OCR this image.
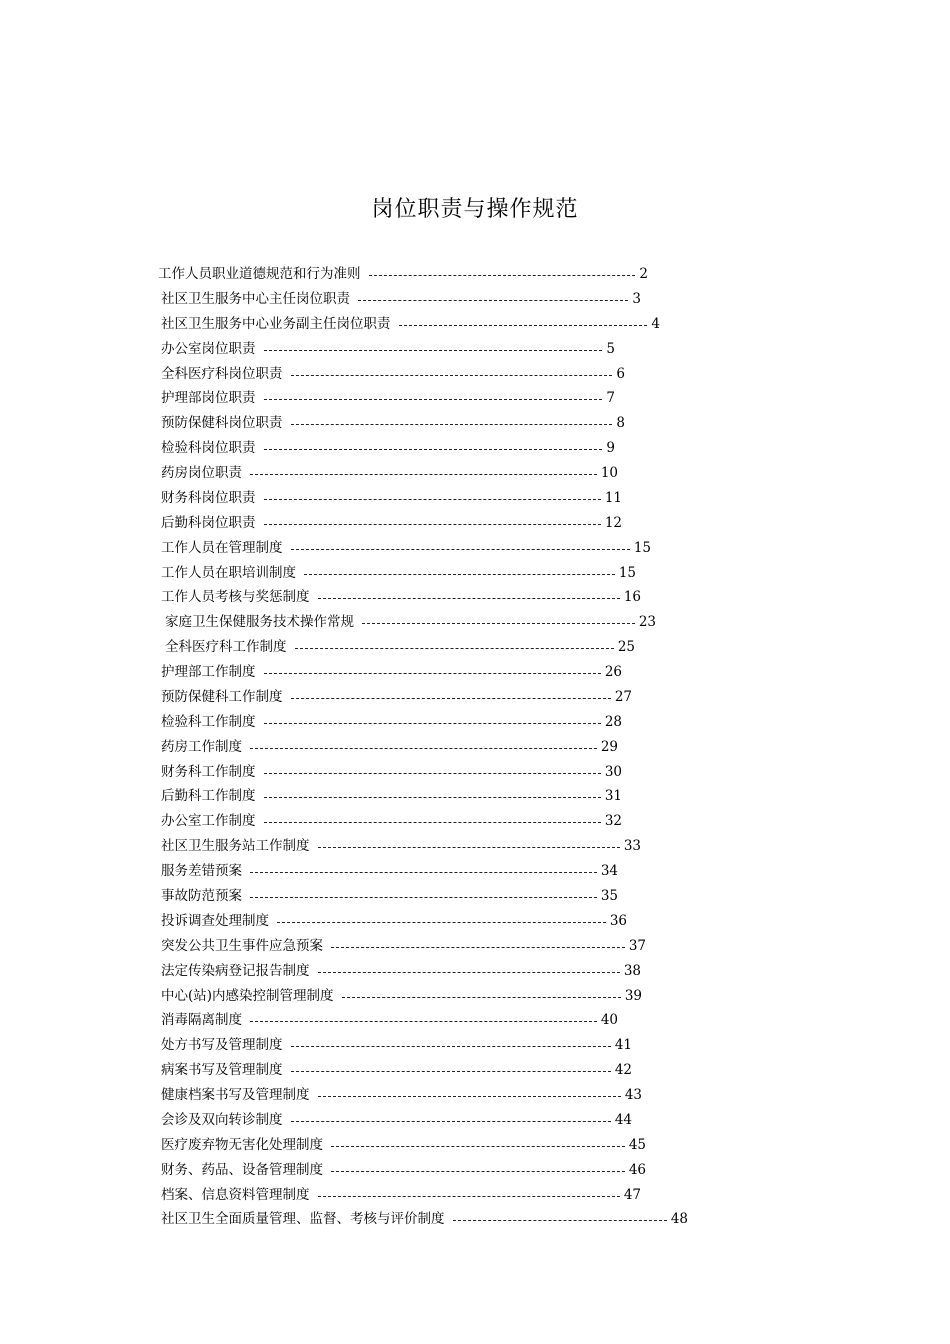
岗位职责与操作规范
工作人员职业道德规范和行为准则	2
社区卫生服务中心主任岗位职责	3
社区卫生服务中心业务副主任岗位职责	4
办公室岗位职责	5
全科医疗科岗位职责	6
护理部岗位职责	7
预防保健科岗位职责	8
检验科岗位职责	9
药房岗位职责	10
财务科岗位职责	11
后勤科岗位职责	12
工作人员在管理制度	15
工作人员在职培训制度	15
工作人员考核与奖惩制度	16
家庭卫生保健服务技术操作常规	23
全科医疗科工作制度	25
护理部工作制度	26
预防保健科工作制度	27
检验科工作制度	28
药房工作制度	29
财务科工作制度	30
后勤科工作制度	31
办公室工作制度	32
社区卫生服务站工作制度	33
服务差错预案	34
事故防范预案	35
投诉调查处理制度	36
突发公共卫生事件应急预案	37
法定传染病登记报告制度	38
中心(站)内感染控制管理制度	39
消毒隔离制度	40
处方书写及管理制度	41
病案书写及管理制度	42
健康档案书写及管理制度	43
会诊及双向转诊制度	44
医疗废弃物无害化处理制度	45
财务、药品、设备管理制度	46
档案、信息资料管理制度	47
社区卫生全面质量管理、监督、考核与评价制度	48
